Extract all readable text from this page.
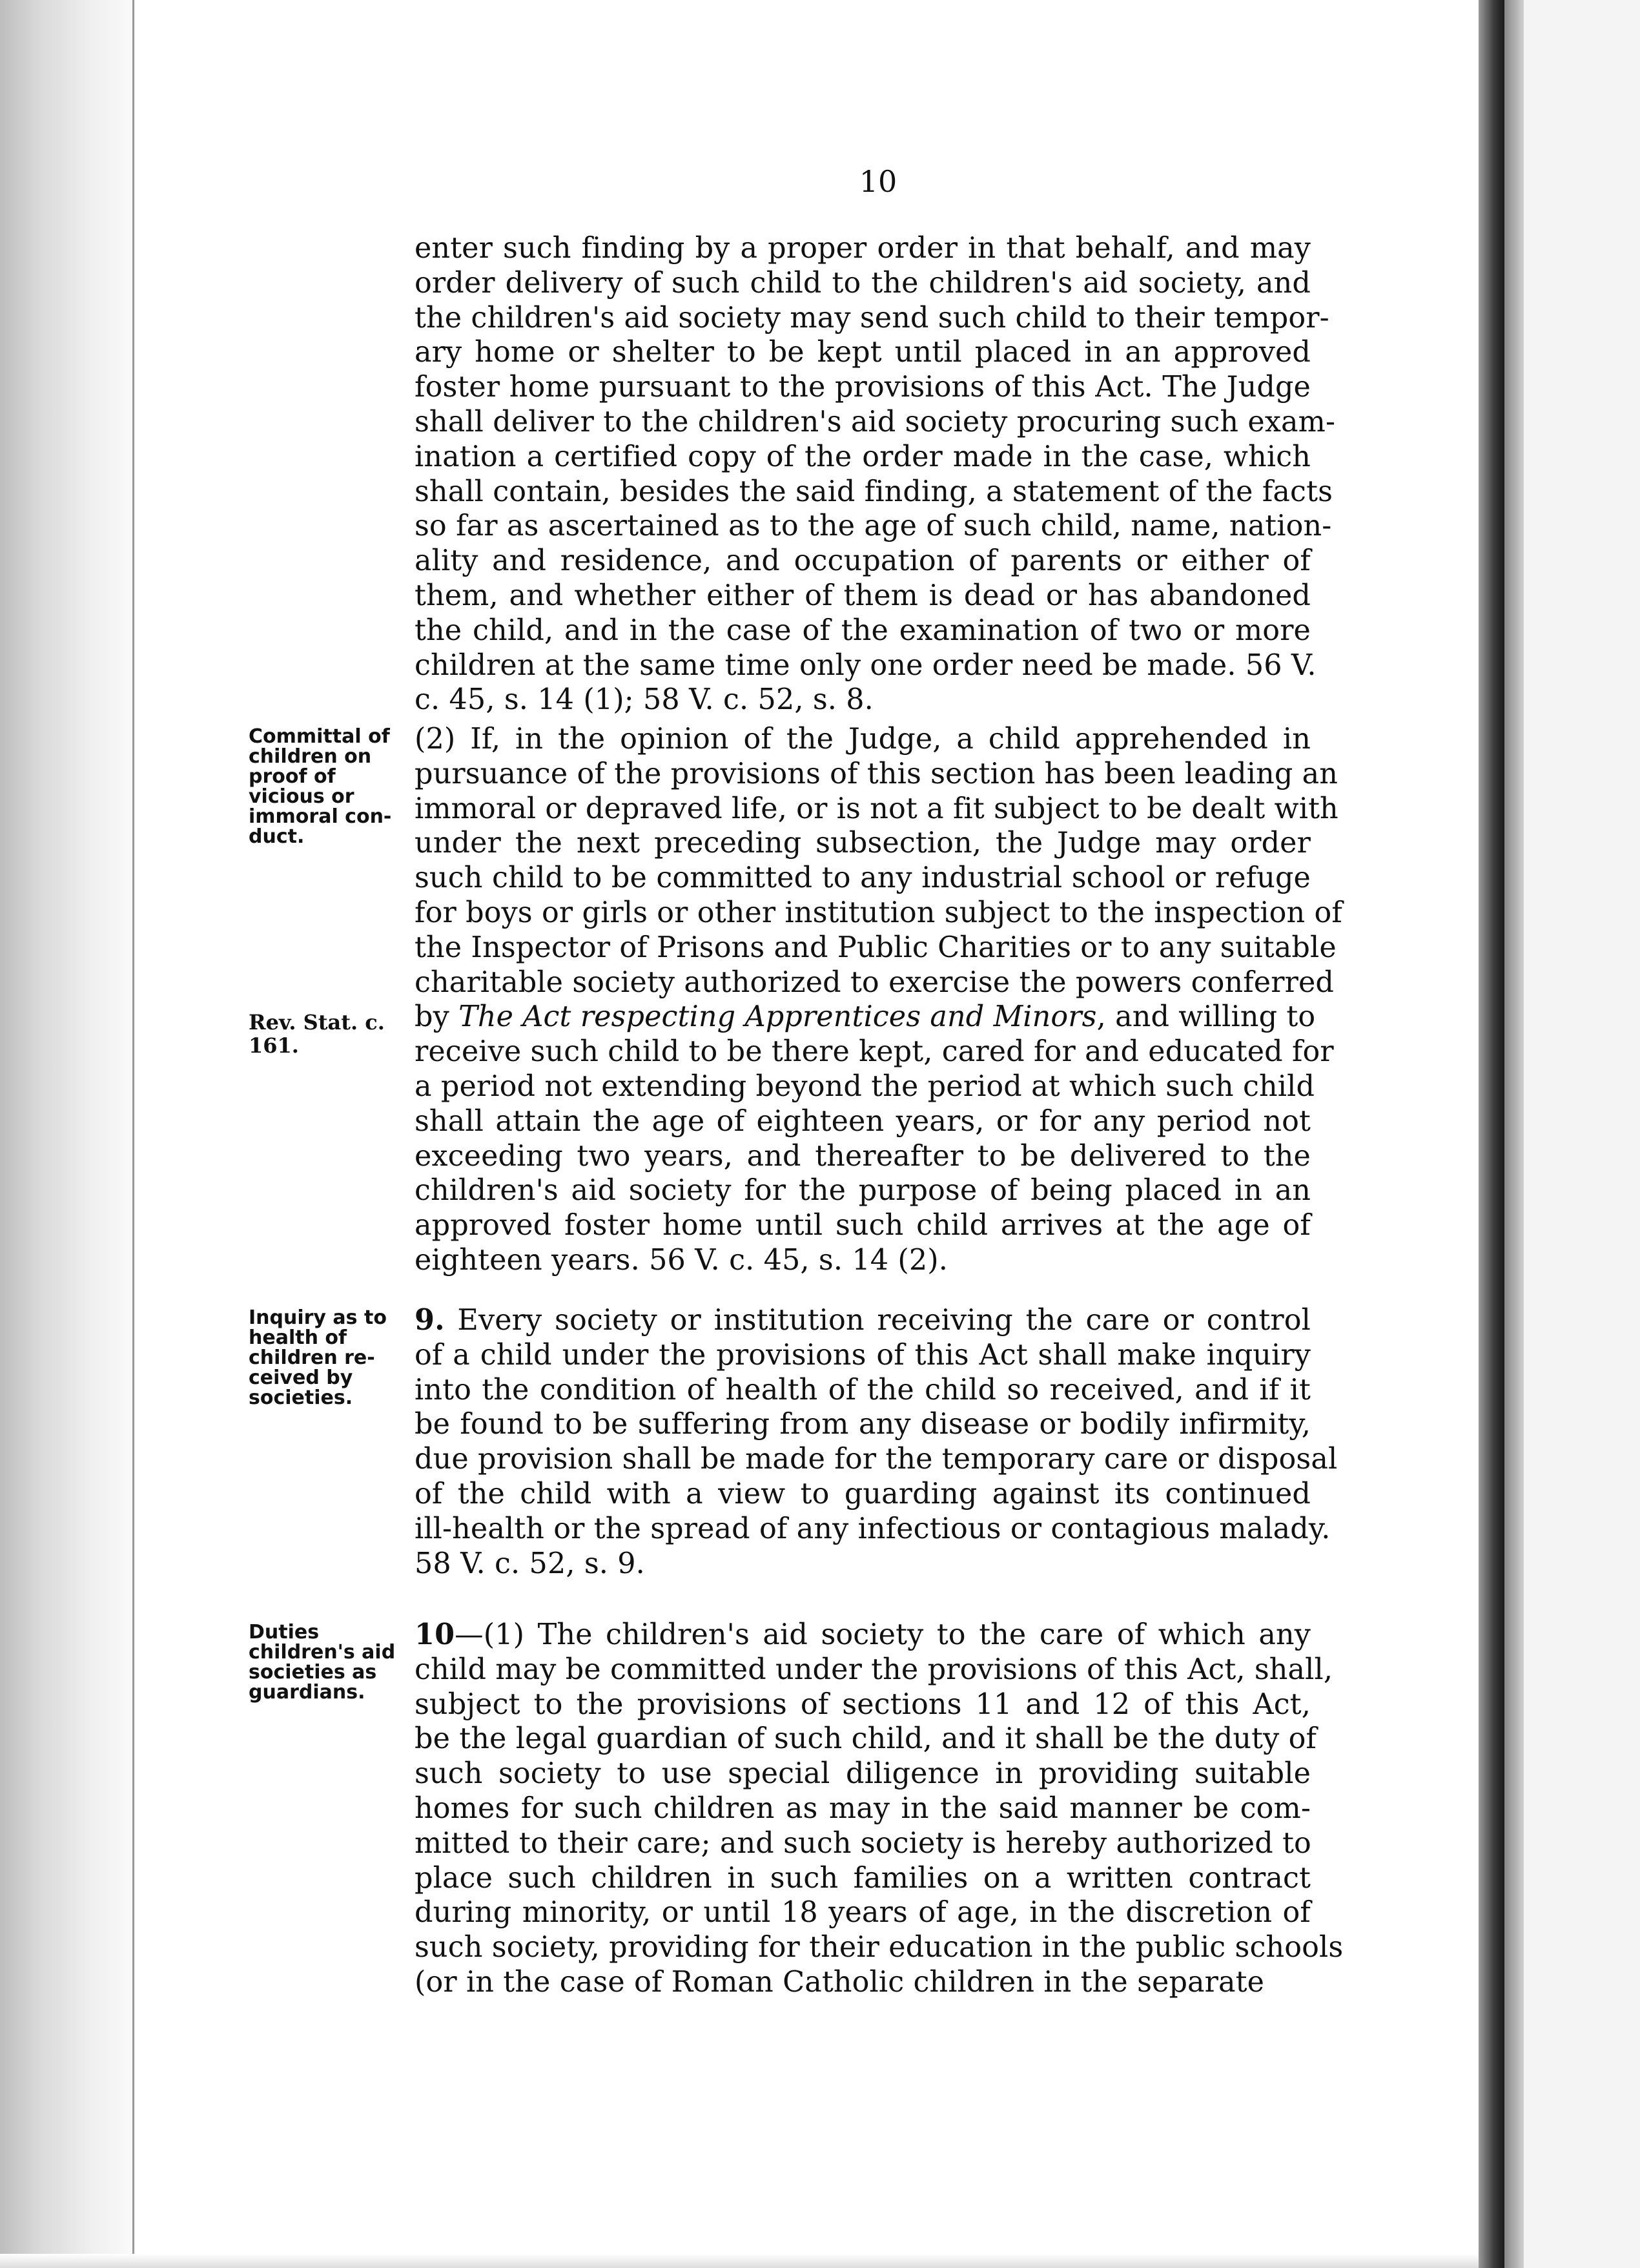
10
enter such finding by a proper order in that behalf, and may
order delivery of such child to the children's aid society, and
the children's aid society may send such child to their tempor-
ary home or shelter to be kept until placed in an approved
foster home pursuant to the provisions of this Act. The Judge
shall deliver to the children's aid society procuring such exam-
ination a certified copy of the order made in the case, which
shall contain, besides the said finding, a statement of the facts
so far as ascertained as to the age of such child, name, nation-
ality and residence, and occupation of parents or either of
them, and whether either of them is dead or has abandoned
the child, and in the case of the examination of two or more
children at the same time only one order need be made. 56 V.
c. 45, s. 14 (1); 58 V. c. 52, s. 8.
(2) If, in the opinion of the Judge, a child apprehended in
pursuance of the provisions of this section has been leading an
immoral or depraved life, or is not a fit subject to be dealt with
under the next preceding subsection, the Judge may order
such child to be committed to any industrial school or refuge
for boys or girls or other institution subject to the inspection of
the Inspector of Prisons and Public Charities or to any suitable
charitable society authorized to exercise the powers conferred
by The Act respecting Apprentices and Minors, and willing to
receive such child to be there kept, cared for and educated for
a period not extending beyond the period at which such child
shall attain the age of eighteen years, or for any period not
exceeding two years, and thereafter to be delivered to the
children's aid society for the purpose of being placed in an
approved foster home until such child arrives at the age of
eighteen years. 56 V. c. 45, s. 14 (2).
9. Every society or institution receiving the care or control
of a child under the provisions of this Act shall make inquiry
into the condition of health of the child so received, and if it
be found to be suffering from any disease or bodily infirmity,
due provision shall be made for the temporary care or disposal
of the child with a view to guarding against its continued
ill-health or the spread of any infectious or contagious malady.
58 V. c. 52, s. 9.
10—(1) The children's aid society to the care of which any
child may be committed under the provisions of this Act, shall,
subject to the provisions of sections 11 and 12 of this Act,
be the legal guardian of such child, and it shall be the duty of
such society to use special diligence in providing suitable
homes for such children as may in the said manner be com-
mitted to their care; and such society is hereby authorized to
place such children in such families on a written contract
during minority, or until 18 years of age, in the discretion of
such society, providing for their education in the public schools
(or in the case of Roman Catholic children in the separate
Committal of
children on
proof of
vicious or
immoral con-
duct.
Rev. Stat. c.
161.
Inquiry as to
health of
children re-
ceived by
societies.
Duties
children's aid
societies as
guardians.
